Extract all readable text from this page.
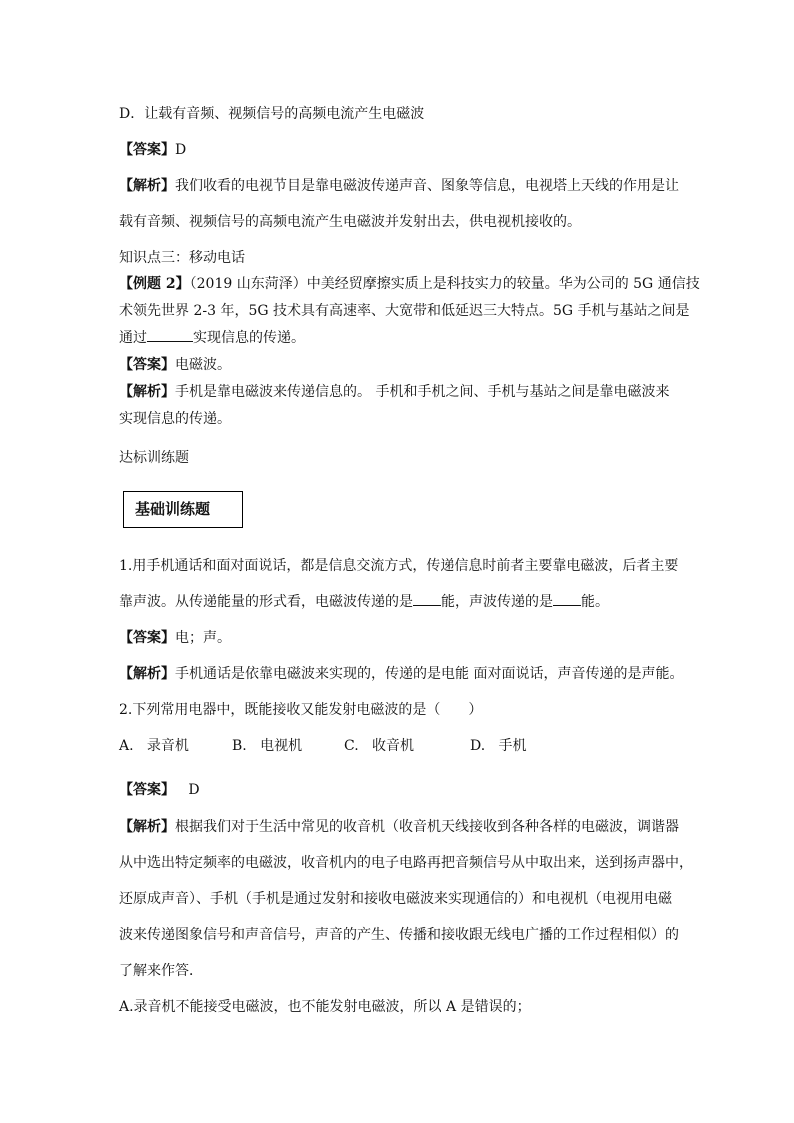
D．让载有音频、视频信号的高频电流产生电磁波
【答案】D
【解析】我们收看的电视节目是靠电磁波传递声音、图象等信息，电视塔上天线的作用是让
载有音频、视频信号的高频电流产生电磁波并发射出去，供电视机接收的。
知识点三：移动电话
【例题 2】（2019 山东菏泽）中美经贸摩擦实质上是科技实力的较量。华为公司的 5G 通信技
术领先世界 2-3 年，5G 技术具有高速率、大宽带和低延迟三大特点。5G 手机与基站之间是
通过	实现信息的传递。
【答案】电磁波。
【解析】手机是靠电磁波来传递信息的。 手机和手机之间、手机与基站之间是靠电磁波来
实现信息的传递。
达标训练题
基础训练题
1.用手机通话和面对面说话，都是信息交流方式，传递信息时前者主要靠电磁波，后者主要
靠声波。从传递能量的形式看，电磁波传递的是 能，声波传递的是 能。
【答案】电；声。
【解析】手机通话是依靠电磁波来实现的，传递的是电能 面对面说话，声音传递的是声能。
2.下列常用电器中，既能接收又能发射电磁波的是（　　）
A. 录音机	B. 电视机	C. 收音机	D. 手机
【答案】 D
【解析】根据我们对于生活中常见的收音机（收音机天线接收到各种各样的电磁波，调谐器
从中选出特定频率的电磁波，收音机内的电子电路再把音频信号从中取出来，送到扬声器中，
还原成声音）、手机（手机是通过发射和接收电磁波来实现通信的）和电视机（电视用电磁
波来传递图象信号和声音信号，声音的产生、传播和接收跟无线电广播的工作过程相似）的
了解来作答．
A.录音机不能接受电磁波，也不能发射电磁波，所以 A 是错误的；
